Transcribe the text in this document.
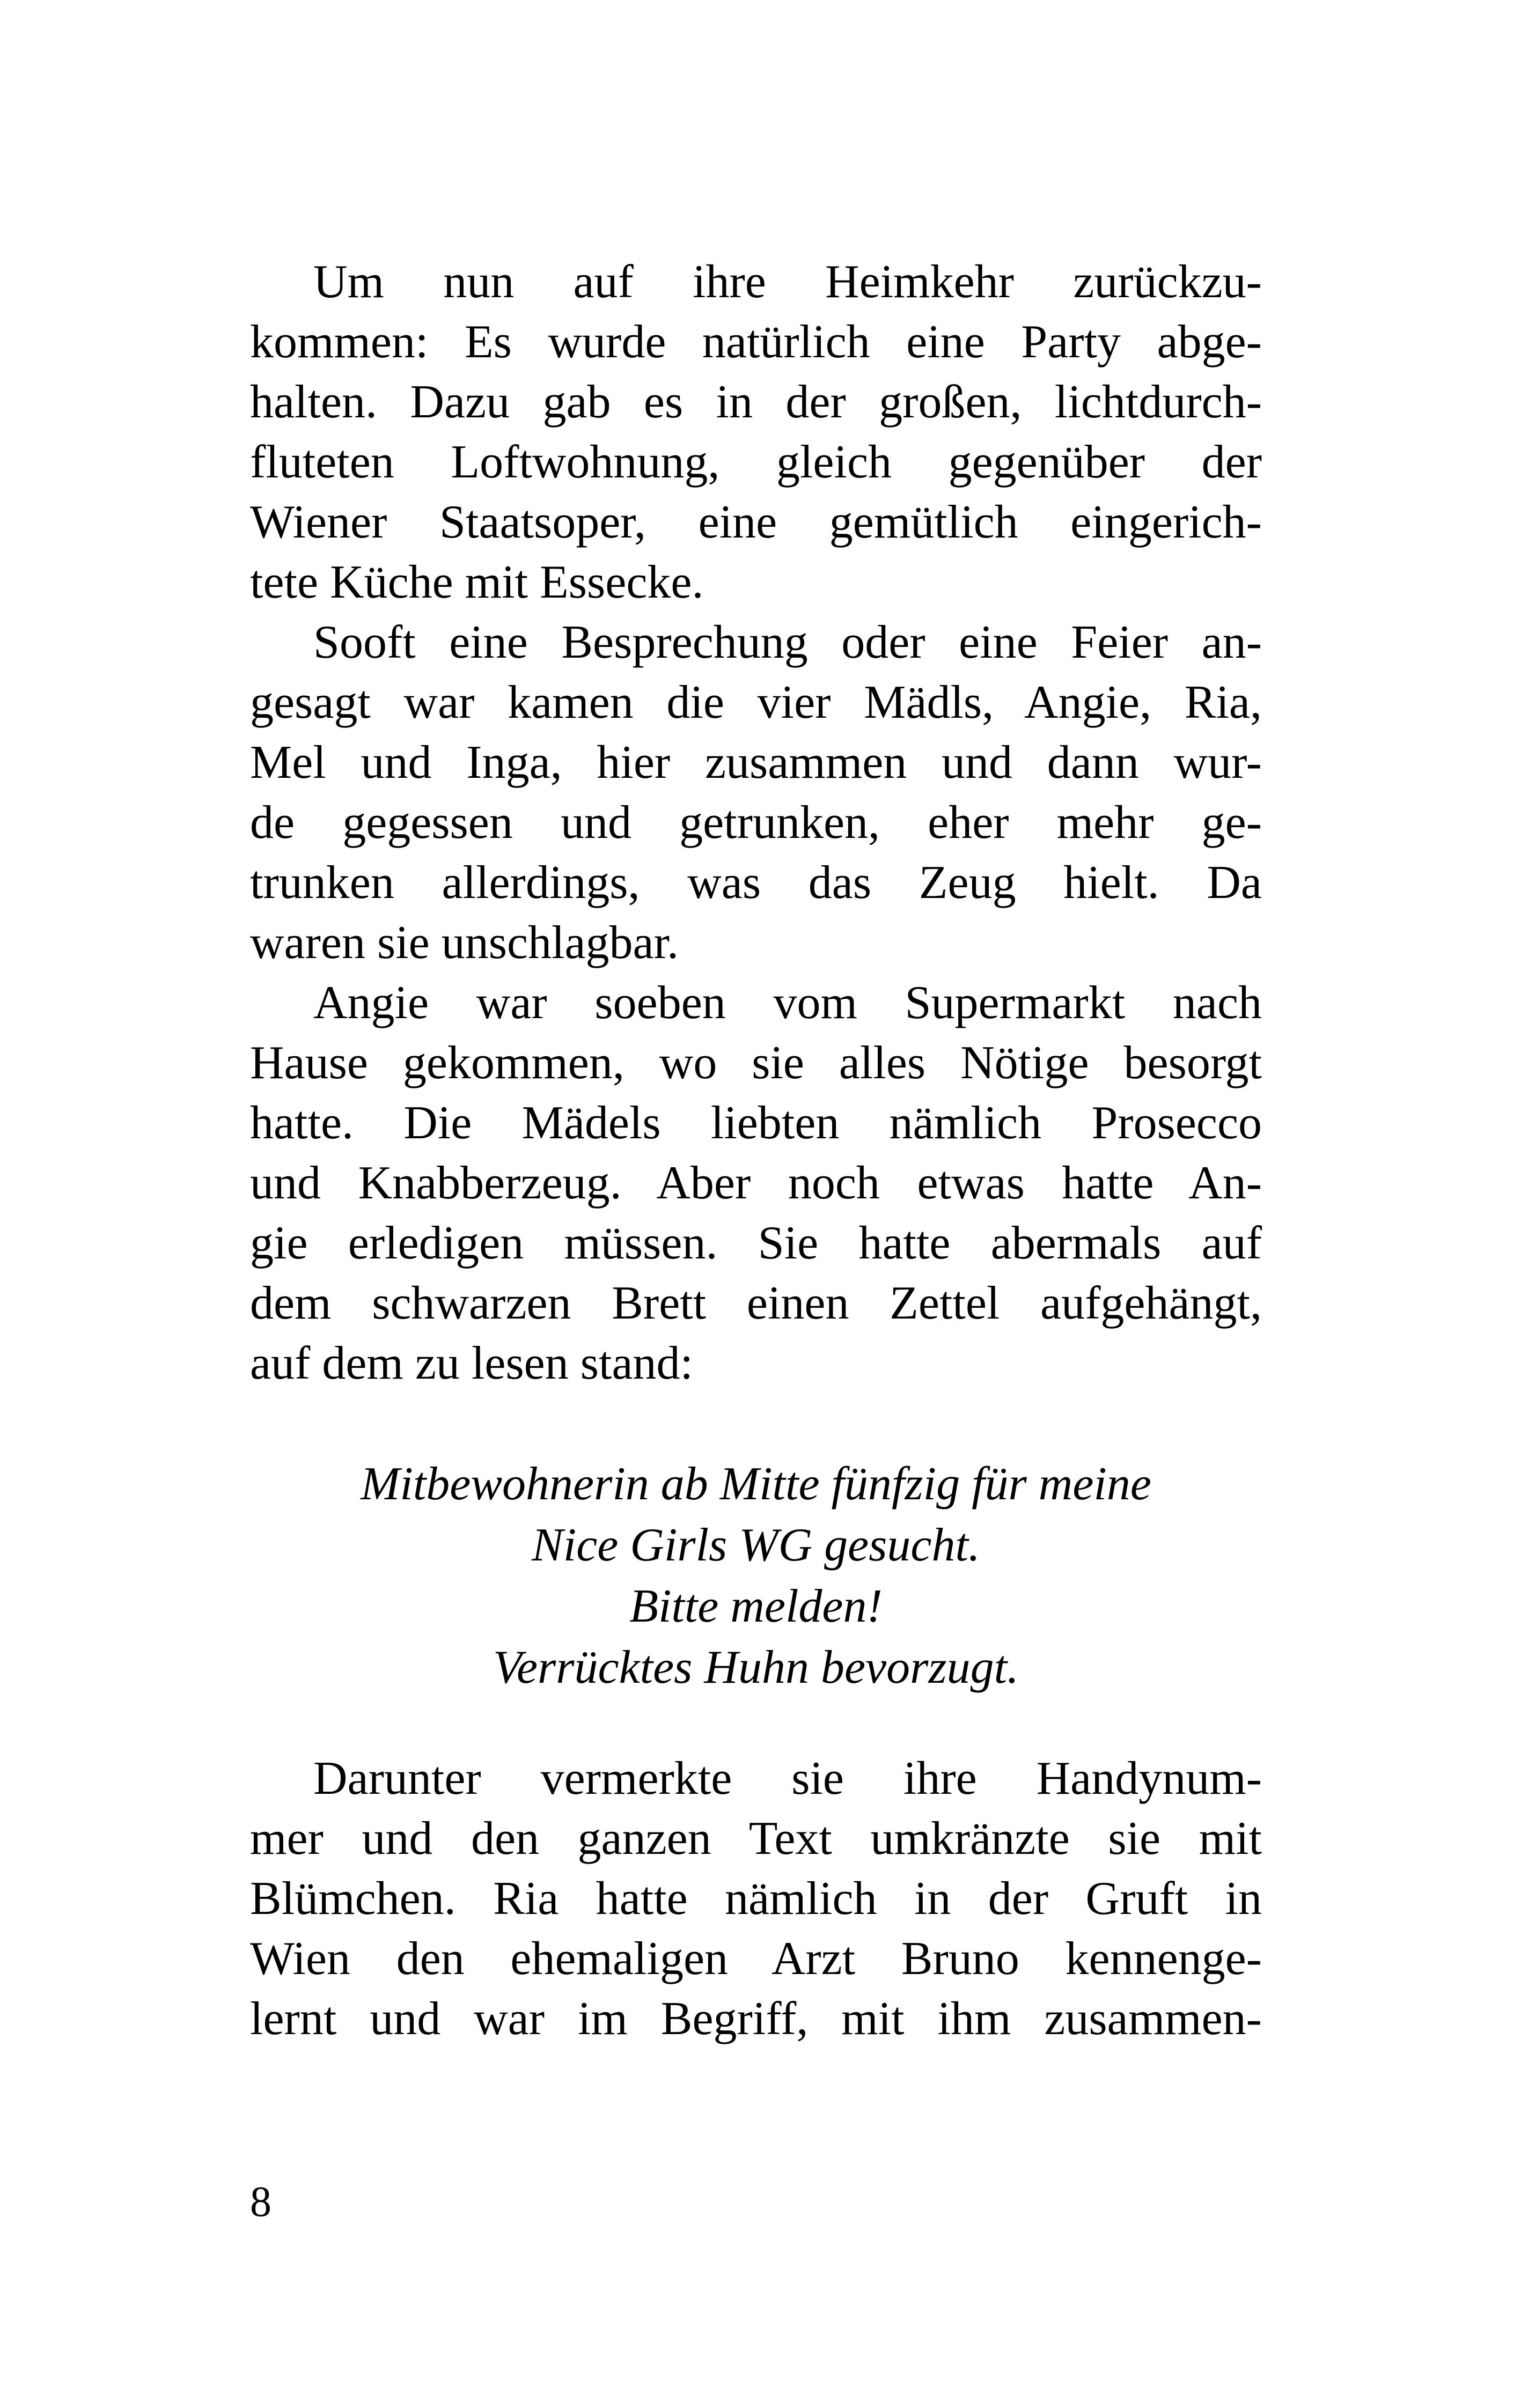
Um nun auf ihre Heimkehr zurückzu-
kommen: Es wurde natürlich eine Party abge-
halten. Dazu gab es in der großen, lichtdurch-
fluteten Loftwohnung, gleich gegenüber der
Wiener Staatsoper, eine gemütlich eingerich-
tete Küche mit Essecke.
Sooft eine Besprechung oder eine Feier an-
gesagt war kamen die vier Mädls, Angie, Ria,
Mel und Inga, hier zusammen und dann wur-
de gegessen und getrunken, eher mehr ge-
trunken allerdings, was das Zeug hielt. Da
waren sie unschlagbar.
Angie war soeben vom Supermarkt nach
Hause gekommen, wo sie alles Nötige besorgt
hatte. Die Mädels liebten nämlich Prosecco
und Knabberzeug. Aber noch etwas hatte An-
gie erledigen müssen. Sie hatte abermals auf
dem schwarzen Brett einen Zettel aufgehängt,
auf dem zu lesen stand:
Mitbewohnerin ab Mitte fünfzig für meine
Nice Girls WG gesucht.
Bitte melden!
Verrücktes Huhn bevorzugt.
Darunter vermerkte sie ihre Handynum-
mer und den ganzen Text umkränzte sie mit
Blümchen. Ria hatte nämlich in der Gruft in
Wien den ehemaligen Arzt Bruno kennenge-
lernt und war im Begriff, mit ihm zusammen-
8
